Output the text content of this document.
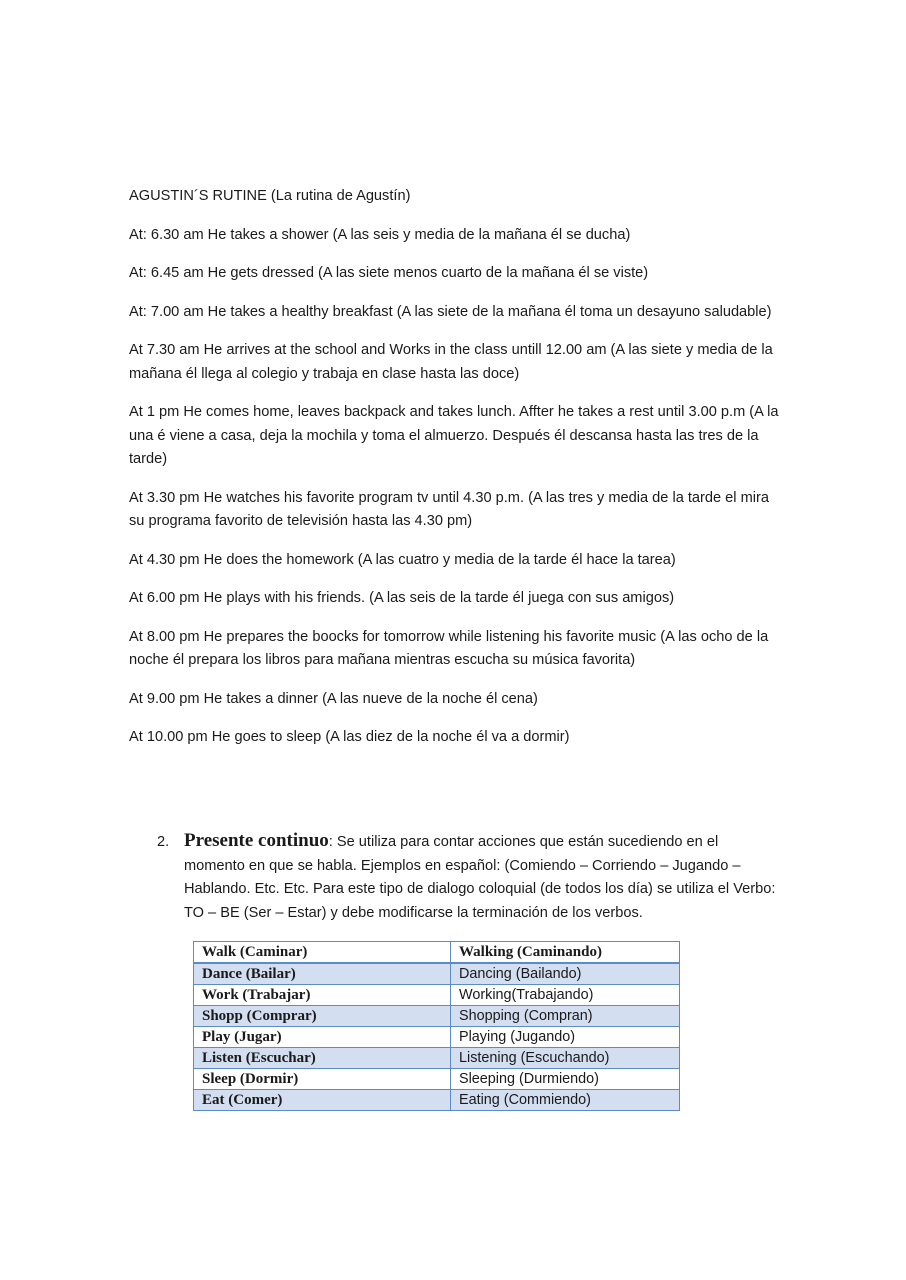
AGUSTIN´S RUTINE (La rutina de Agustín)

At: 6.30 am He takes a shower (A las seis y media de la mañana él se ducha)

At: 6.45 am He gets dressed (A las siete menos cuarto de la mañana él se viste)

At: 7.00 am He takes a healthy breakfast (A las siete de la mañana él toma un desayuno saludable)

At 7.30 am He arrives at the school and Works in the class untill 12.00 am (A las siete y media de la mañana él llega al colegio y trabaja en clase hasta las doce)

At 1 pm He comes home, leaves backpack and takes lunch. Affter he takes a rest until 3.00 p.m (A la una é viene a casa, deja la mochila y toma el almuerzo. Después él descansa hasta las tres de la tarde)

At 3.30 pm He watches his favorite program tv until 4.30 p.m. (A las tres y media de la tarde el mira su programa favorito de televisión hasta las 4.30 pm)

At 4.30 pm He does the homework (A las cuatro y media de la tarde él hace la tarea)

At 6.00 pm He plays with his friends. (A las seis de la tarde él juega con sus amigos)

At 8.00 pm He prepares the boocks for tomorrow while listening his favorite music (A las ocho de la noche él prepara los libros para mañana mientras escucha su música favorita)

At 9.00 pm He takes a dinner (A las nueve de la noche él cena)

At 10.00 pm He goes to sleep (A las diez de la noche él va a dormir)

2. Presente continuo: Se utiliza para contar acciones que están sucediendo en el momento en que se habla. Ejemplos en español: (Comiendo – Corriendo – Jugando – Hablando. Etc. Etc. Para este tipo de dialogo coloquial (de todos los día) se utiliza el Verbo: TO – BE (Ser – Estar) y debe modificarse la terminación de los verbos.
Walk (Caminar)	Walking (Caminando)
Dance (Bailar)	Dancing (Bailando)
Work (Trabajar)	Working(Trabajando)
Shopp (Comprar)	Shopping (Compran)
Play (Jugar)	Playing (Jugando)
Listen (Escuchar)	Listening (Escuchando)
Sleep (Dormir)	Sleeping (Durmiendo)
Eat (Comer)	Eating (Commiendo)
